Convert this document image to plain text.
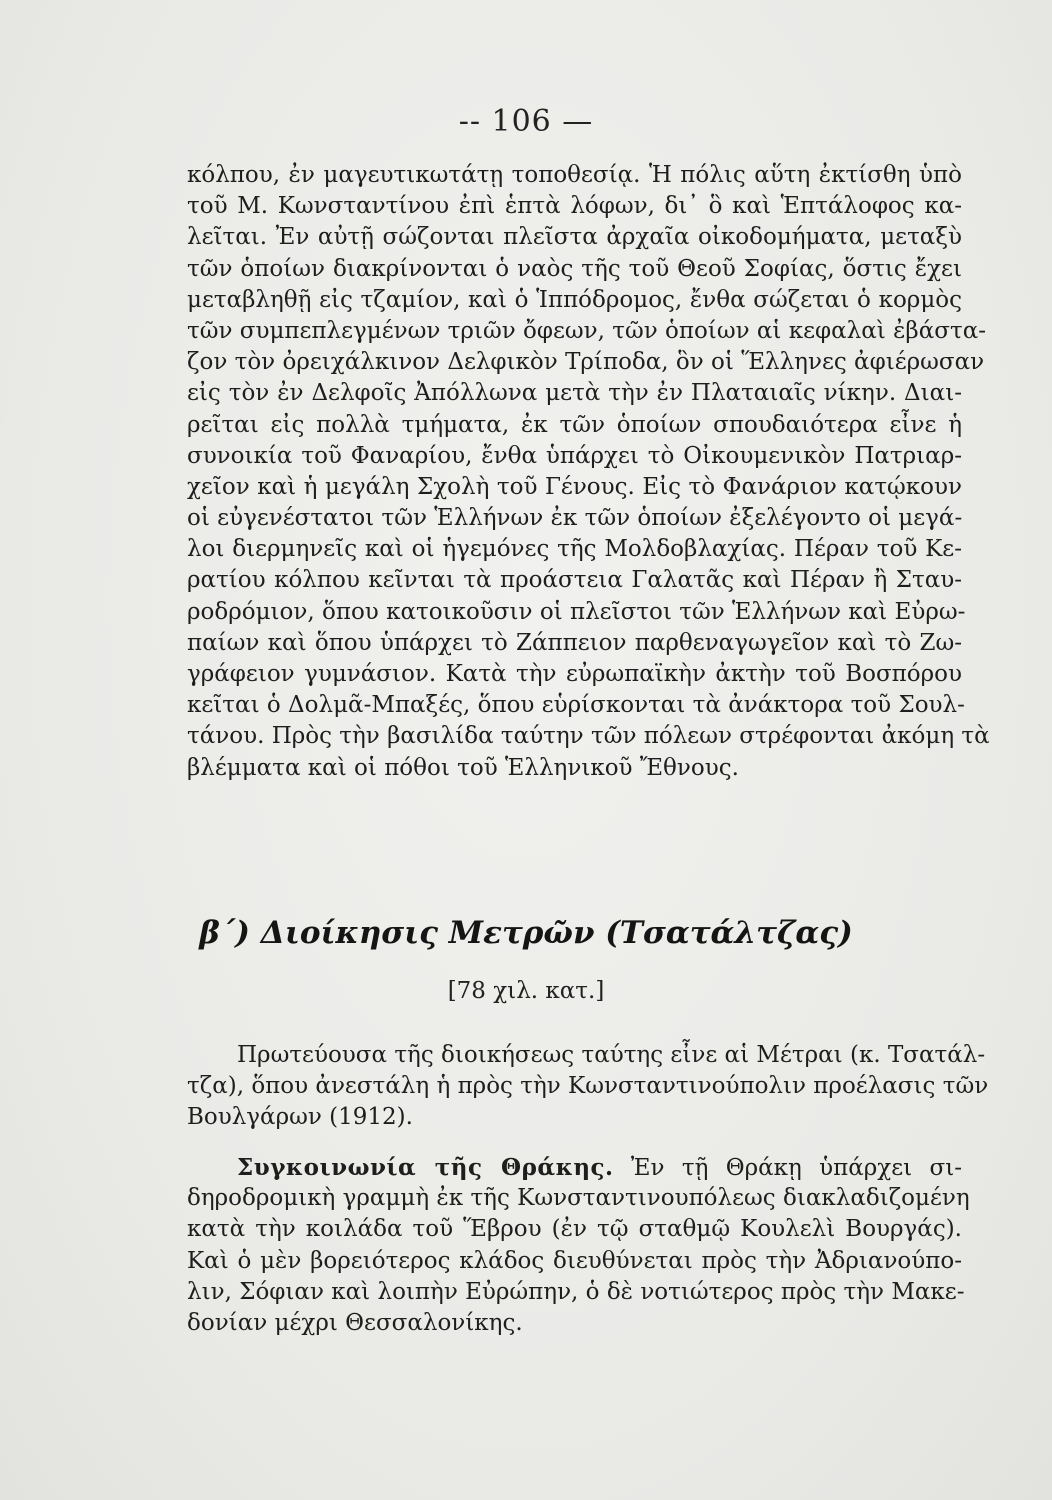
-- 106 —
κόλπου, ἐν μαγευτικωτάτῃ τοποθεσίᾳ. Ἡ πόλις αὕτη ἐκτίσθη ὑπὸ
τοῦ Μ. Κωνσταντίνου ἐπὶ ἑπτὰ λόφων, δι᾽ ὃ καὶ Ἑπτάλοφος κα-
λεῖται. Ἐν αὐτῇ σώζονται πλεῖστα ἀρχαῖα οἰκοδομήματα, μεταξὺ
τῶν ὁποίων διακρίνονται ὁ ναὸς τῆς τοῦ Θεοῦ Σοφίας, ὅστις ἔχει
μεταβληθῇ εἰς τζαμίον, καὶ ὁ Ἱππόδρομος, ἔνθα σώζεται ὁ κορμὸς
τῶν συμπεπλεγμένων τριῶν ὄφεων, τῶν ὁποίων αἱ κεφαλαὶ ἐβάστα-
ζον τὸν ὀρειχάλκινον Δελφικὸν Τρίποδα, ὃν οἱ Ἕλληνες ἀφιέρωσαν
εἰς τὸν ἐν Δελφοῖς Ἀπόλλωνα μετὰ τὴν ἐν Πλαταιαῖς νίκην. Διαι-
ρεῖται εἰς πολλὰ τμήματα, ἐκ τῶν ὁποίων σπουδαιότερα εἶνε ἡ
συνοικία τοῦ Φαναρίου, ἔνθα ὑπάρχει τὸ Οἰκουμενικὸν Πατριαρ-
χεῖον καὶ ἡ μεγάλη Σχολὴ τοῦ Γένους. Εἰς τὸ Φανάριον κατῴκουν
οἱ εὐγενέστατοι τῶν Ἑλλήνων ἐκ τῶν ὁποίων ἐξελέγοντο οἱ μεγά-
λοι διερμηνεῖς καὶ οἱ ἡγεμόνες τῆς Μολδοβλαχίας. Πέραν τοῦ Κε-
ρατίου κόλπου κεῖνται τὰ προάστεια Γαλατᾶς καὶ Πέραν ἢ Σταυ-
ροδρόμιον, ὅπου κατοικοῦσιν οἱ πλεῖστοι τῶν Ἑλλήνων καὶ Εὐρω-
παίων καὶ ὅπου ὑπάρχει τὸ Ζάππειον παρθεναγωγεῖον καὶ τὸ Ζω-
γράφειον γυμνάσιον. Κατὰ τὴν εὐρωπαϊκὴν ἀκτὴν τοῦ Βοσπόρου
κεῖται ὁ Δολμᾶ-Μπαξές, ὅπου εὑρίσκονται τὰ ἀνάκτορα τοῦ Σουλ-
τάνου. Πρὸς τὴν βασιλίδα ταύτην τῶν πόλεων στρέφονται ἀκόμη τὰ
βλέμματα καὶ οἱ πόθοι τοῦ Ἑλληνικοῦ Ἔθνους.
β΄) Διοίκησις Μετρῶν (Τσατάλτζας)
[78 χιλ. κατ.]
Πρωτεύουσα τῆς διοικήσεως ταύτης εἶνε αἱ Μέτραι (κ. Τσατάλ-
τζα), ὅπου ἀνεστάλη ἡ πρὸς τὴν Κωνσταντινούπολιν προέλασις τῶν
Βουλγάρων (1912).
Συγκοινωνία τῆς Θράκης. Ἐν τῇ Θράκῃ ὑπάρχει σι-
δηροδρομικὴ γραμμὴ ἐκ τῆς Κωνσταντινουπόλεως διακλαδιζομένη
κατὰ τὴν κοιλάδα τοῦ Ἕβρου (ἐν τῷ σταθμῷ Κουλελὶ Βουργάς).
Καὶ ὁ μὲν βορειότερος κλάδος διευθύνεται πρὸς τὴν Ἀδριανούπο-
λιν, Σόφιαν καὶ λοιπὴν Εὐρώπην, ὁ δὲ νοτιώτερος πρὸς τὴν Μακε-
δονίαν μέχρι Θεσσαλονίκης.
